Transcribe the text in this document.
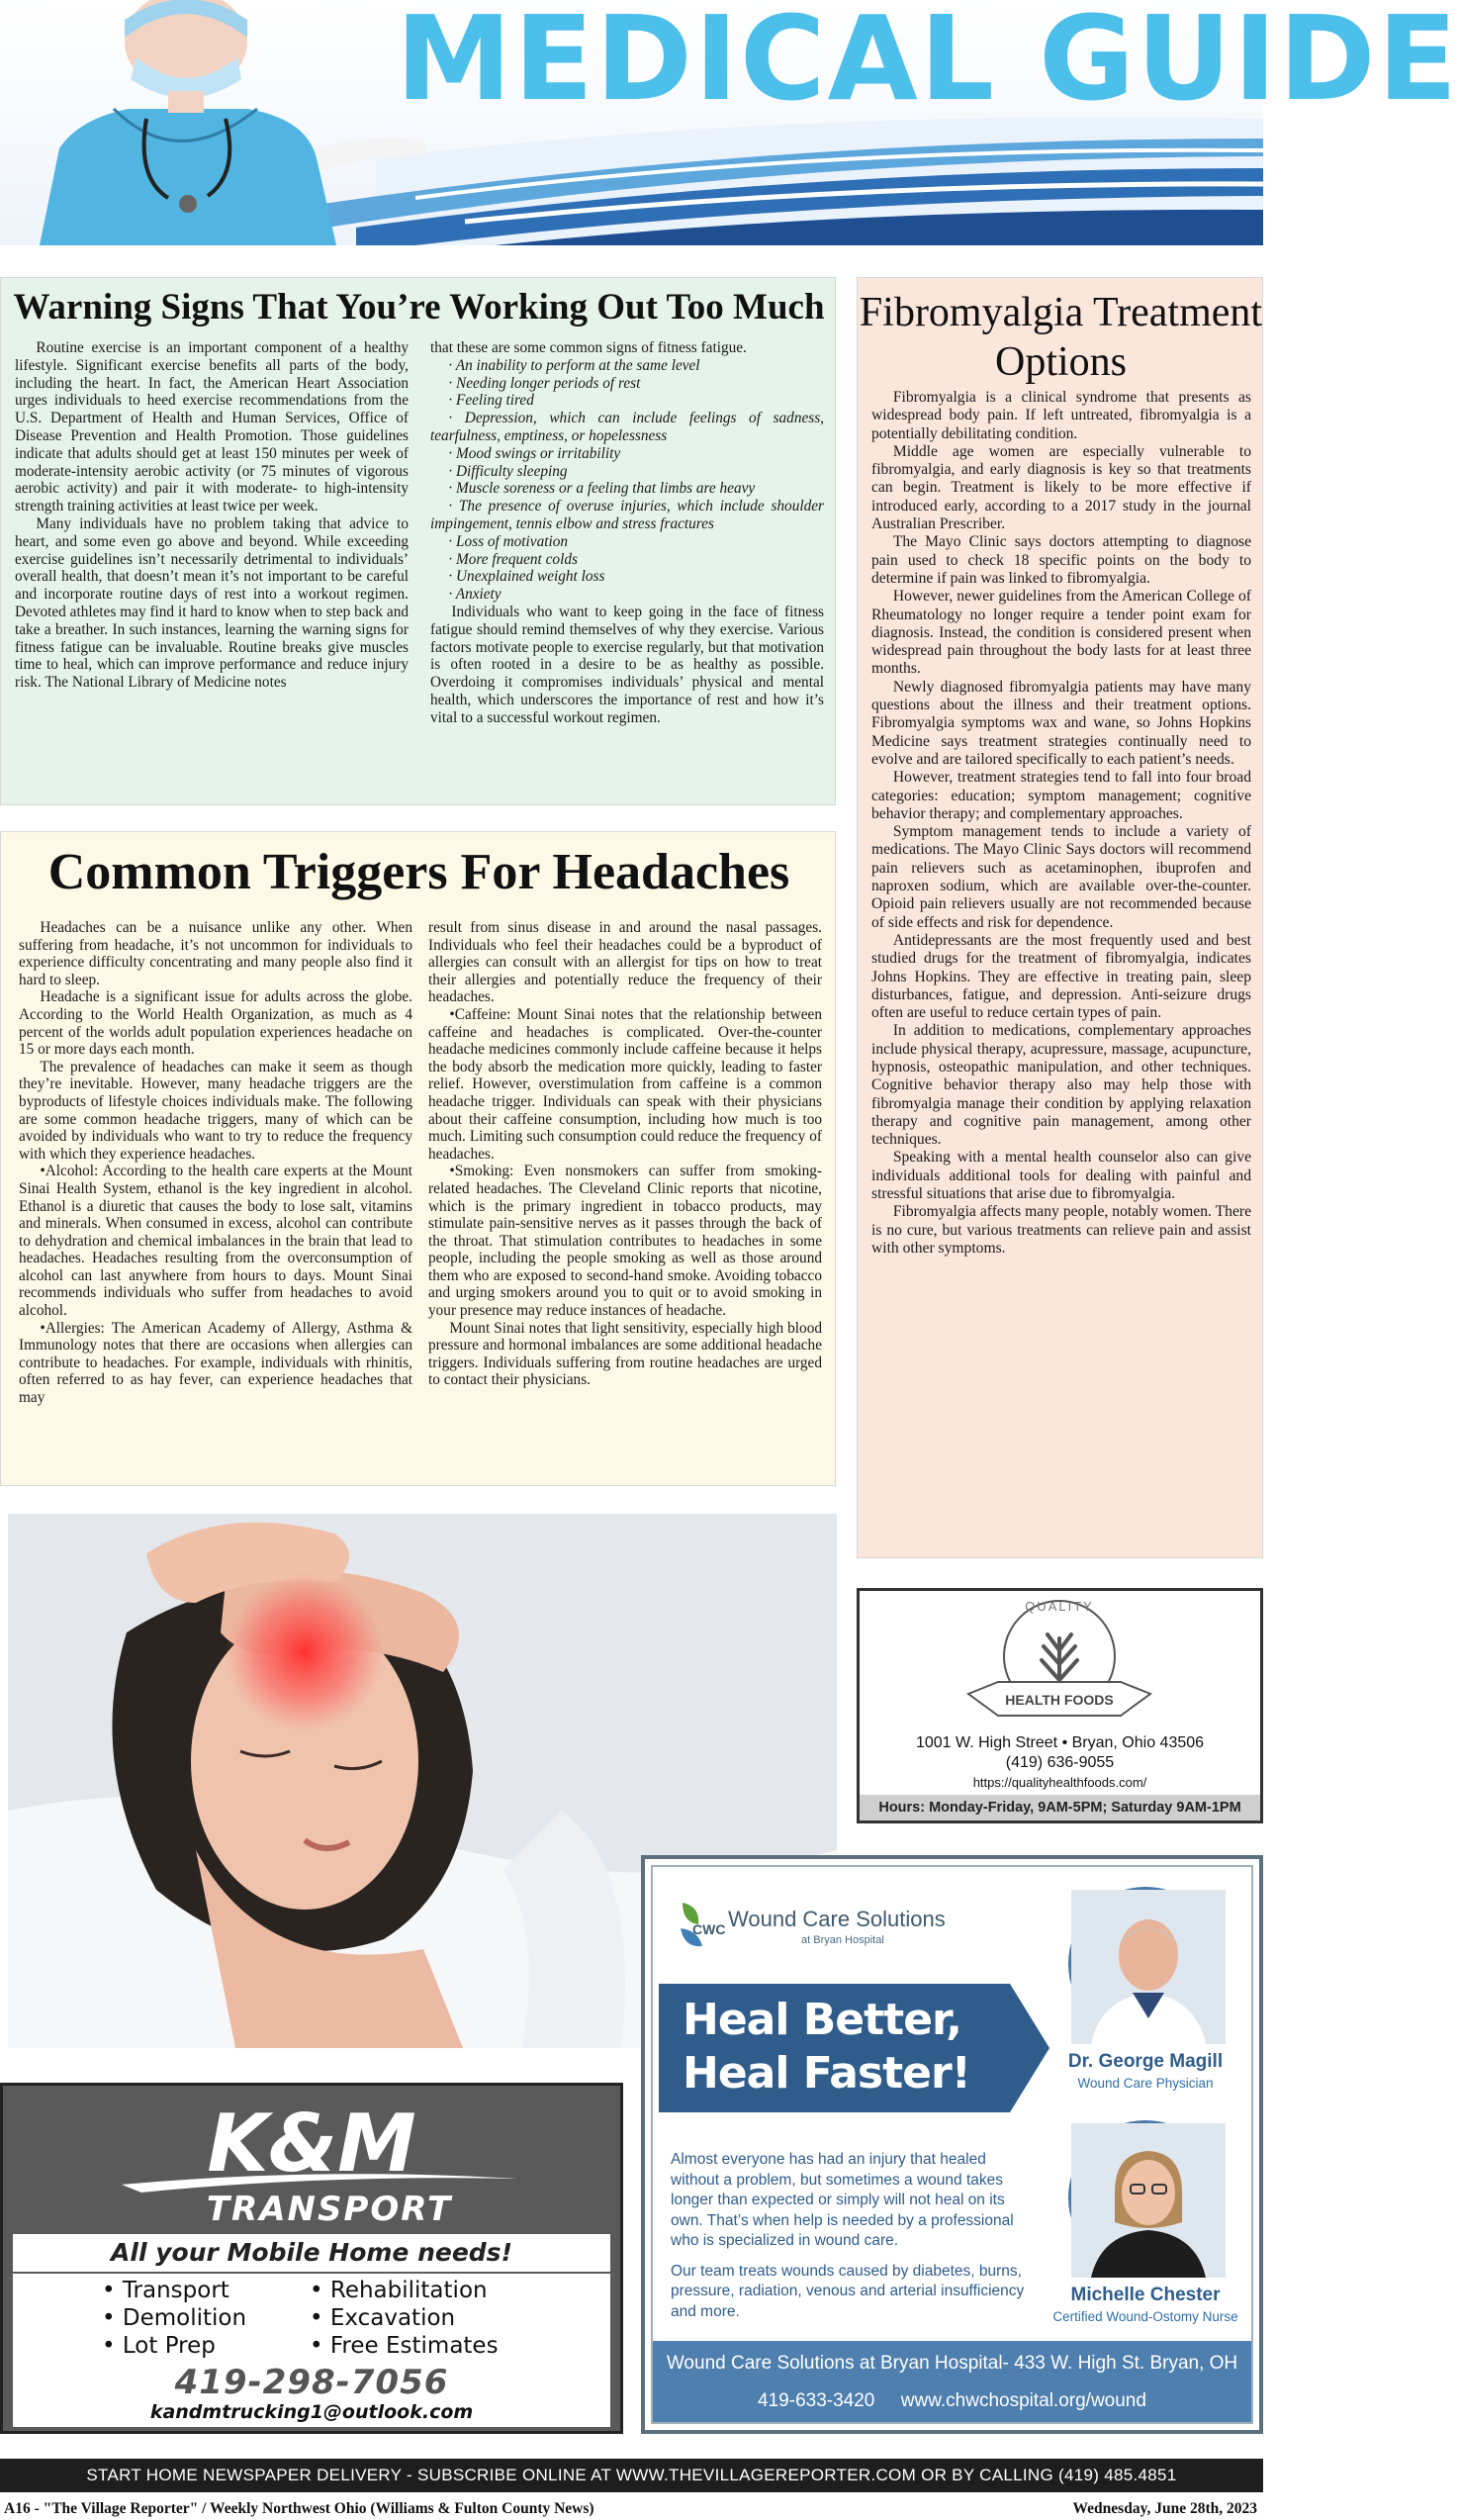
MEDICAL GUIDE
Warning Signs That You’re Working Out Too Much

Routine exercise is an important component of a healthy lifestyle. Significant exercise benefits all parts of the body, including the heart. In fact, the American Heart Association urges individuals to heed exercise recommendations from the U.S. Department of Health and Human Services, Office of Disease Prevention and Health Promotion. Those guidelines indicate that adults should get at least 150 minutes per week of moderate-intensity aerobic activity (or 75 minutes of vigorous aerobic activity) and pair it with moderate- to high-intensity strength training activities at least twice per week.

Many individuals have no problem taking that advice to heart, and some even go above and beyond. While exceeding exercise guidelines isn’t necessarily detrimental to individuals’ overall health, that doesn’t mean it’s not important to be careful and incorporate routine days of rest into a workout regimen. Devoted athletes may find it hard to know when to step back and take a breather. In such instances, learning the warning signs for fitness fatigue can be invaluable. Routine breaks give muscles time to heal, which can improve performance and reduce injury risk. The National Library of Medicine notes

that these are some common signs of fitness fatigue.

· An inability to perform at the same level

· Needing longer periods of rest

· Feeling tired

· Depression, which can include feelings of sadness, tearfulness, emptiness, or hopelessness

· Mood swings or irritability

· Difficulty sleeping

· Muscle soreness or a feeling that limbs are heavy

· The presence of overuse injuries, which include shoulder impingement, tennis elbow and stress fractures

· Loss of motivation

· More frequent colds

· Unexplained weight loss

· Anxiety

Individuals who want to keep going in the face of fitness fatigue should remind themselves of why they exercise. Various factors motivate people to exercise regularly, but that motivation is often rooted in a desire to be as healthy as possible. Overdoing it compromises individuals’ physical and mental health, which underscores the importance of rest and how it’s vital to a successful workout regimen.

Fibromyalgia Treatment Options

Fibromyalgia is a clinical syndrome that presents as widespread body pain. If left untreated, fibromyalgia is a potentially debilitating condition.

Middle age women are especially vulnerable to fibromyalgia, and early diagnosis is key so that treatments can begin. Treatment is likely to be more effective if introduced early, according to a 2017 study in the journal Australian Prescriber.

The Mayo Clinic says doctors attempting to diagnose pain used to check 18 specific points on the body to determine if pain was linked to fibromyalgia.

However, newer guidelines from the American College of Rheumatology no longer require a tender point exam for diagnosis. Instead, the condition is considered present when widespread pain throughout the body lasts for at least three months.

Newly diagnosed fibromyalgia patients may have many questions about the illness and their treatment options. Fibromyalgia symptoms wax and wane, so Johns Hopkins Medicine says treatment strategies continually need to evolve and are tailored specifically to each patient’s needs.

However, treatment strategies tend to fall into four broad categories: education; symptom management; cognitive behavior therapy; and complementary approaches.

Symptom management tends to include a variety of medications. The Mayo Clinic Says doctors will recommend pain relievers such as acetaminophen, ibuprofen and naproxen sodium, which are available over-the-counter. Opioid pain relievers usually are not recommended because of side effects and risk for dependence.

Antidepressants are the most frequently used and best studied drugs for the treatment of fibromyalgia, indicates Johns Hopkins. They are effective in treating pain, sleep disturbances, fatigue, and depression. Anti-seizure drugs often are useful to reduce certain types of pain.

In addition to medications, complementary approaches include physical therapy, acupressure, massage, acupuncture, hypnosis, osteopathic manipulation, and other techniques. Cognitive behavior therapy also may help those with fibromyalgia manage their condition by applying relaxation therapy and cognitive pain management, among other techniques.

Speaking with a mental health counselor also can give individuals additional tools for dealing with painful and stressful situations that arise due to fibromyalgia.

Fibromyalgia affects many people, notably women. There is no cure, but various treatments can relieve pain and assist with other symptoms.

Common Triggers For Headaches

Headaches can be a nuisance unlike any other. When suffering from headache, it’s not uncommon for individuals to experience difficulty concentrating and many people also find it hard to sleep.

Headache is a significant issue for adults across the globe. According to the World Health Organization, as much as 4 percent of the worlds adult population experiences headache on 15 or more days each month.

The prevalence of headaches can make it seem as though they’re inevitable. However, many headache triggers are the byproducts of lifestyle choices individuals make. The following are some common headache triggers, many of which can be avoided by individuals who want to try to reduce the frequency with which they experience headaches.

•Alcohol: According to the health care experts at the Mount Sinai Health System, ethanol is the key ingredient in alcohol. Ethanol is a diuretic that causes the body to lose salt, vitamins and minerals. When consumed in excess, alcohol can contribute to dehydration and chemical imbalances in the brain that lead to headaches. Headaches resulting from the overconsumption of alcohol can last anywhere from hours to days. Mount Sinai recommends individuals who suffer from headaches to avoid alcohol.

•Allergies: The American Academy of Allergy, Asthma & Immunology notes that there are occasions when allergies can contribute to headaches. For example, individuals with rhinitis, often referred to as hay fever, can experience headaches that may

result from sinus disease in and around the nasal passages. Individuals who feel their headaches could be a byproduct of allergies can consult with an allergist for tips on how to treat their allergies and potentially reduce the frequency of their headaches.

•Caffeine: Mount Sinai notes that the relationship between caffeine and headaches is complicated. Over-the-counter headache medicines commonly include caffeine because it helps the body absorb the medication more quickly, leading to faster relief. However, overstimulation from caffeine is a common headache trigger. Individuals can speak with their physicians about their caffeine consumption, including how much is too much. Limiting such consumption could reduce the frequency of headaches.

•Smoking: Even nonsmokers can suffer from smoking-related headaches. The Cleveland Clinic reports that nicotine, which is the primary ingredient in tobacco products, may stimulate pain-sensitive nerves as it passes through the back of the throat. That stimulation contributes to headaches in some people, including the people smoking as well as those around them who are exposed to second-hand smoke. Avoiding tobacco and urging smokers around you to quit or to avoid smoking in your presence may reduce instances of headache.

Mount Sinai notes that light sensitivity, especially high blood pressure and hormonal imbalances are some additional headache triggers. Individuals suffering from routine headaches are urged to contact their physicians.

HEALTH FOODS
QUALITY
1001 W. High Street • Bryan, Ohio 43506
(419) 636-9055
https://qualityhealthfoods.com/
Hours: Monday-Friday, 9AM-5PM; Saturday 9AM-1PM
CWC Wound Care Solutions
at Bryan Hospital
Heal Better,
Heal Faster!

Almost everyone has had an injury that healed without a problem, but sometimes a wound takes longer than expected or simply will not heal on its own. That’s when help is needed by a professional who is specialized in wound care.

Our team treats wounds caused by diabetes, burns, pressure, radiation, venous and arterial insufficiency and more.

Dr. George Magill
Wound Care Physician
Michelle Chester
Certified Wound-Ostomy Nurse
Wound Care Solutions at Bryan Hospital- 433 W. High St. Bryan, OH
419-633-3420     www.chwchospital.org/wound
K&M
TRANSPORT
All your Mobile Home needs!
• Transport
• Demolition
• Lot Prep
• Rehabilitation
• Excavation
• Free Estimates
419-298-7056
kandmtrucking1@outlook.com
START HOME NEWSPAPER DELIVERY - SUBSCRIBE ONLINE AT WWW.THEVILLAGEREPORTER.COM OR BY CALLING (419) 485.4851
A16 - "The Village Reporter" / Weekly Northwest Ohio (Williams & Fulton County News)	Wednesday, June 28th, 2023
